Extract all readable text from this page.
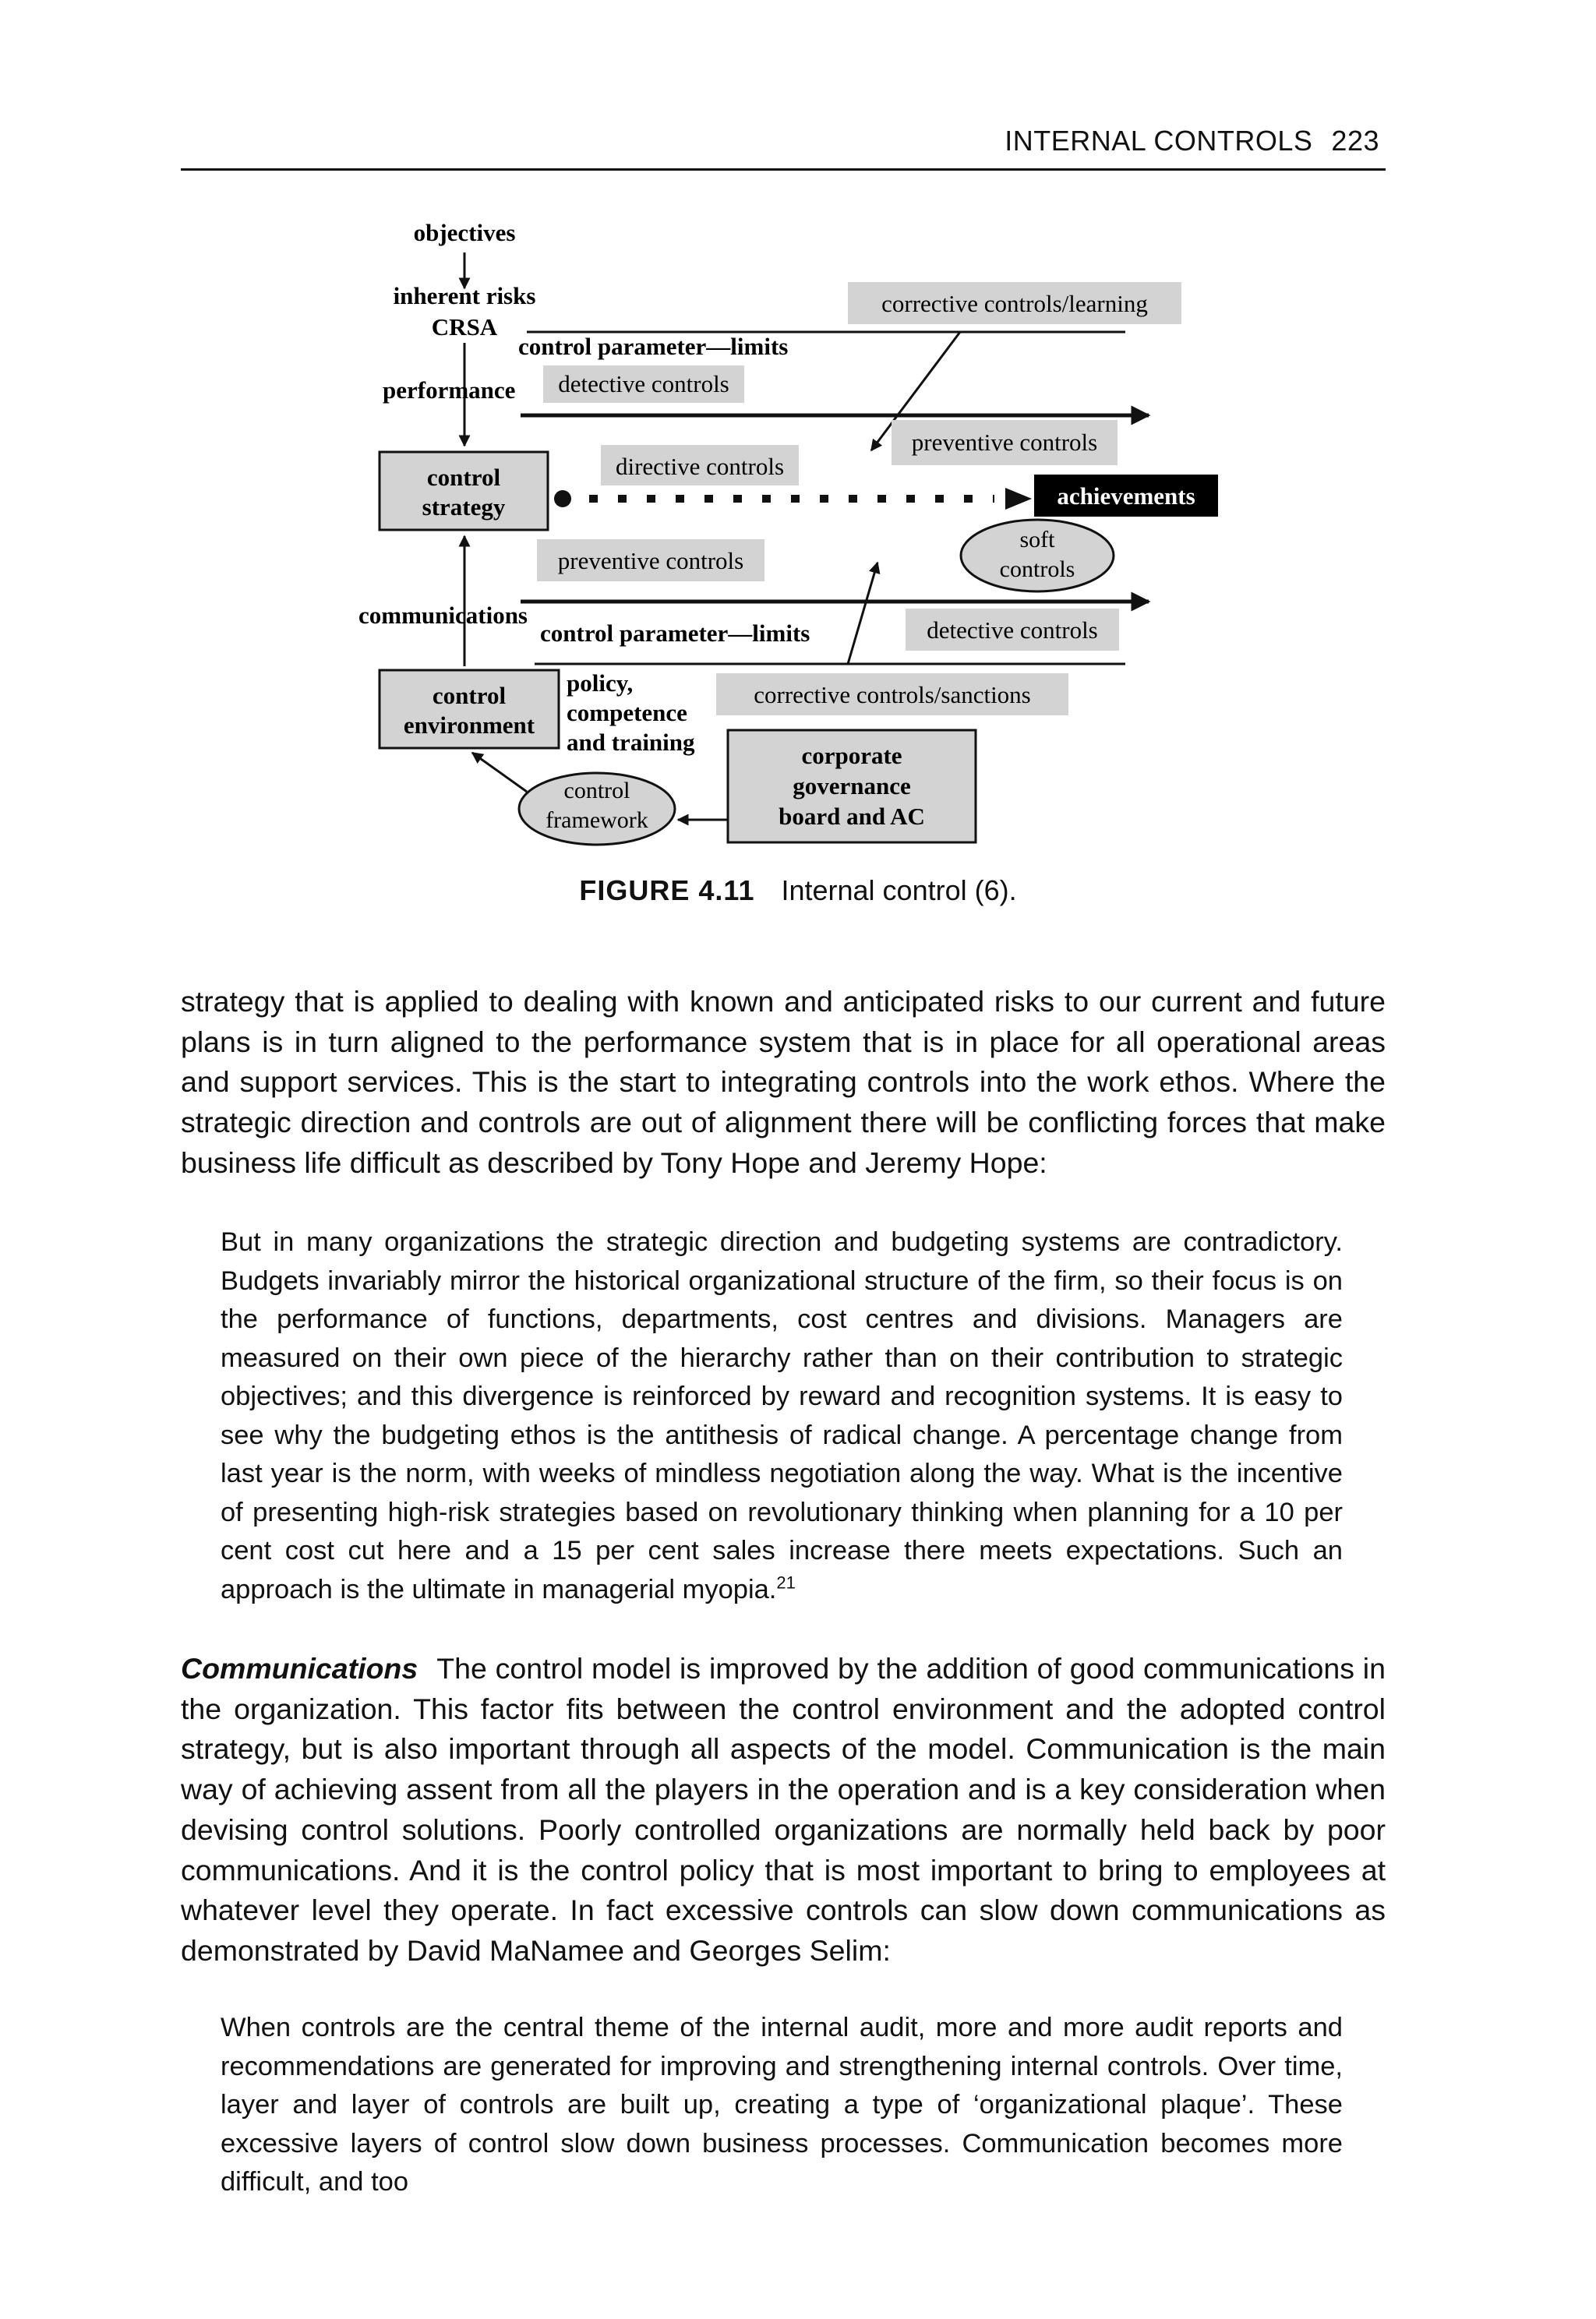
INTERNAL CONTROLS 223
objectives
inherent risks
CRSA
performance
communications
control
strategy
control
environment
policy,
competence
and training
control
framework
corporate
governance
board and AC
corrective controls/learning
control parameter—limits
detective controls
preventive controls
directive controls
achievements
soft
controls
preventive controls
control parameter—limits	detective controls
corrective controls/sanctions
FIGURE 4.11 Internal control (6).

strategy that is applied to dealing with known and anticipated risks to our current and future plans is in turn aligned to the performance system that is in place for all operational areas and support services. This is the start to integrating controls into the work ethos. Where the strategic direction and controls are out of alignment there will be conflicting forces that make business life difficult as described by Tony Hope and Jeremy Hope:

But in many organizations the strategic direction and budgeting systems are contradictory. Budgets invariably mirror the historical organizational structure of the firm, so their focus is on the performance of functions, departments, cost centres and divisions. Managers are measured on their own piece of the hierarchy rather than on their contribution to strategic objectives; and this divergence is reinforced by reward and recognition systems. It is easy to see why the budgeting ethos is the antithesis of radical change. A percentage change from last year is the norm, with weeks of mindless negotiation along the way. What is the incentive of presenting high-risk strategies based on revolutionary thinking when planning for a 10 per cent cost cut here and a 15 per cent sales increase there meets expectations. Such an approach is the ultimate in managerial myopia.$^{21}$

Communications The control model is improved by the addition of good communications in the organization. This factor fits between the control environment and the adopted control strategy, but is also important through all aspects of the model. Communication is the main way of achieving assent from all the players in the operation and is a key consideration when devising control solutions. Poorly controlled organizations are normally held back by poor communications. And it is the control policy that is most important to bring to employees at whatever level they operate. In fact excessive controls can slow down communications as demonstrated by David MaNamee and Georges Selim:

When controls are the central theme of the internal audit, more and more audit reports and recommendations are generated for improving and strengthening internal controls. Over time, layer and layer of controls are built up, creating a type of ‘organizational plaque’. These excessive layers of control slow down business processes. Communication becomes more difficult, and too
